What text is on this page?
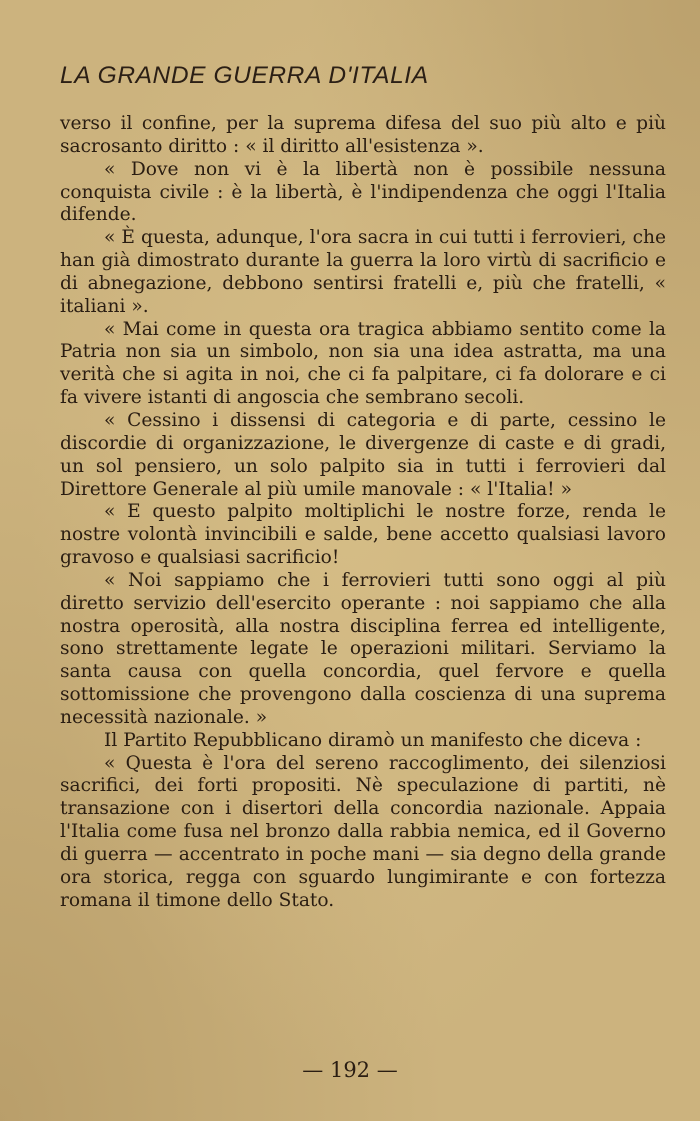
LA GRANDE GUERRA D'ITALIA

verso il confine, per la suprema difesa del suo più alto e più sacrosanto diritto : « il diritto all'esistenza ».

« Dove non vi è la libertà non è possibile nessuna conquista civile : è la libertà, è l'indipendenza che oggi l'Italia difende.

« È questa, adunque, l'ora sacra in cui tutti i ferrovieri, che han già dimostrato durante la guerra la loro virtù di sacrificio e di abnegazione, debbono sentirsi fratelli e, più che fratelli, « italiani ».

« Mai come in questa ora tragica abbiamo sentito come la Patria non sia un simbolo, non sia una idea astratta, ma una verità che si agita in noi, che ci fa palpitare, ci fa dolorare e ci fa vivere istanti di angoscia che sembrano secoli.

« Cessino i dissensi di categoria e di parte, cessino le discordie di organizzazione, le divergenze di caste e di gradi, un sol pensiero, un solo palpito sia in tutti i ferrovieri dal Direttore Generale al più umile manovale : « l'Italia! »

« E questo palpito moltiplichi le nostre forze, renda le nostre volontà invincibili e salde, bene accetto qualsiasi lavoro gravoso e qualsiasi sacrificio!

« Noi sappiamo che i ferrovieri tutti sono oggi al più diretto servizio dell'esercito operante : noi sappiamo che alla nostra operosità, alla nostra disciplina ferrea ed intelligente, sono strettamente legate le operazioni militari. Serviamo la santa causa con quella concordia, quel fervore e quella sottomissione che provengono dalla coscienza di una suprema necessità nazionale. »

Il Partito Repubblicano diramò un manifesto che diceva :

« Questa è l'ora del sereno raccoglimento, dei silenziosi sacrifici, dei forti propositi. Nè speculazione di partiti, nè transazione con i disertori della concordia nazionale. Appaia l'Italia come fusa nel bronzo dalla rabbia nemica, ed il Governo di guerra — accentrato in poche mani — sia degno della grande ora storica, regga con sguardo lungimirante e con fortezza romana il timone dello Stato.

— 192 —
